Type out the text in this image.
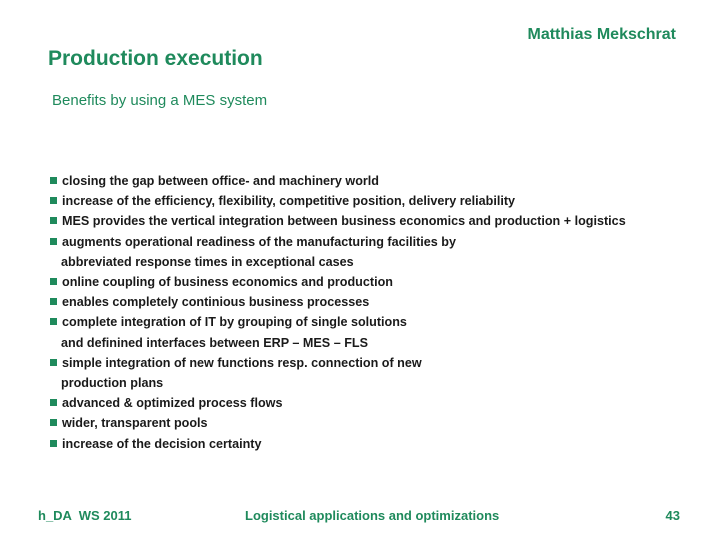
Matthias Mekschrat
Production execution
Benefits by using a MES system
closing the gap between office- and machinery world
increase of the efficiency, flexibility, competitive position, delivery reliability
MES provides the vertical integration between business economics and production + logistics
augments operational readiness of the manufacturing facilities by
abbreviated response times in exceptional cases
online coupling of business economics and production
enables completely continious business processes
complete integration of IT by grouping of single solutions
and definined interfaces between ERP – MES – FLS
simple integration of new functions resp. connection of new
production plans
advanced & optimized process flows
wider, transparent pools
increase of the decision certainty
h_DA  WS 2011	Logistical applications and optimizations	43
